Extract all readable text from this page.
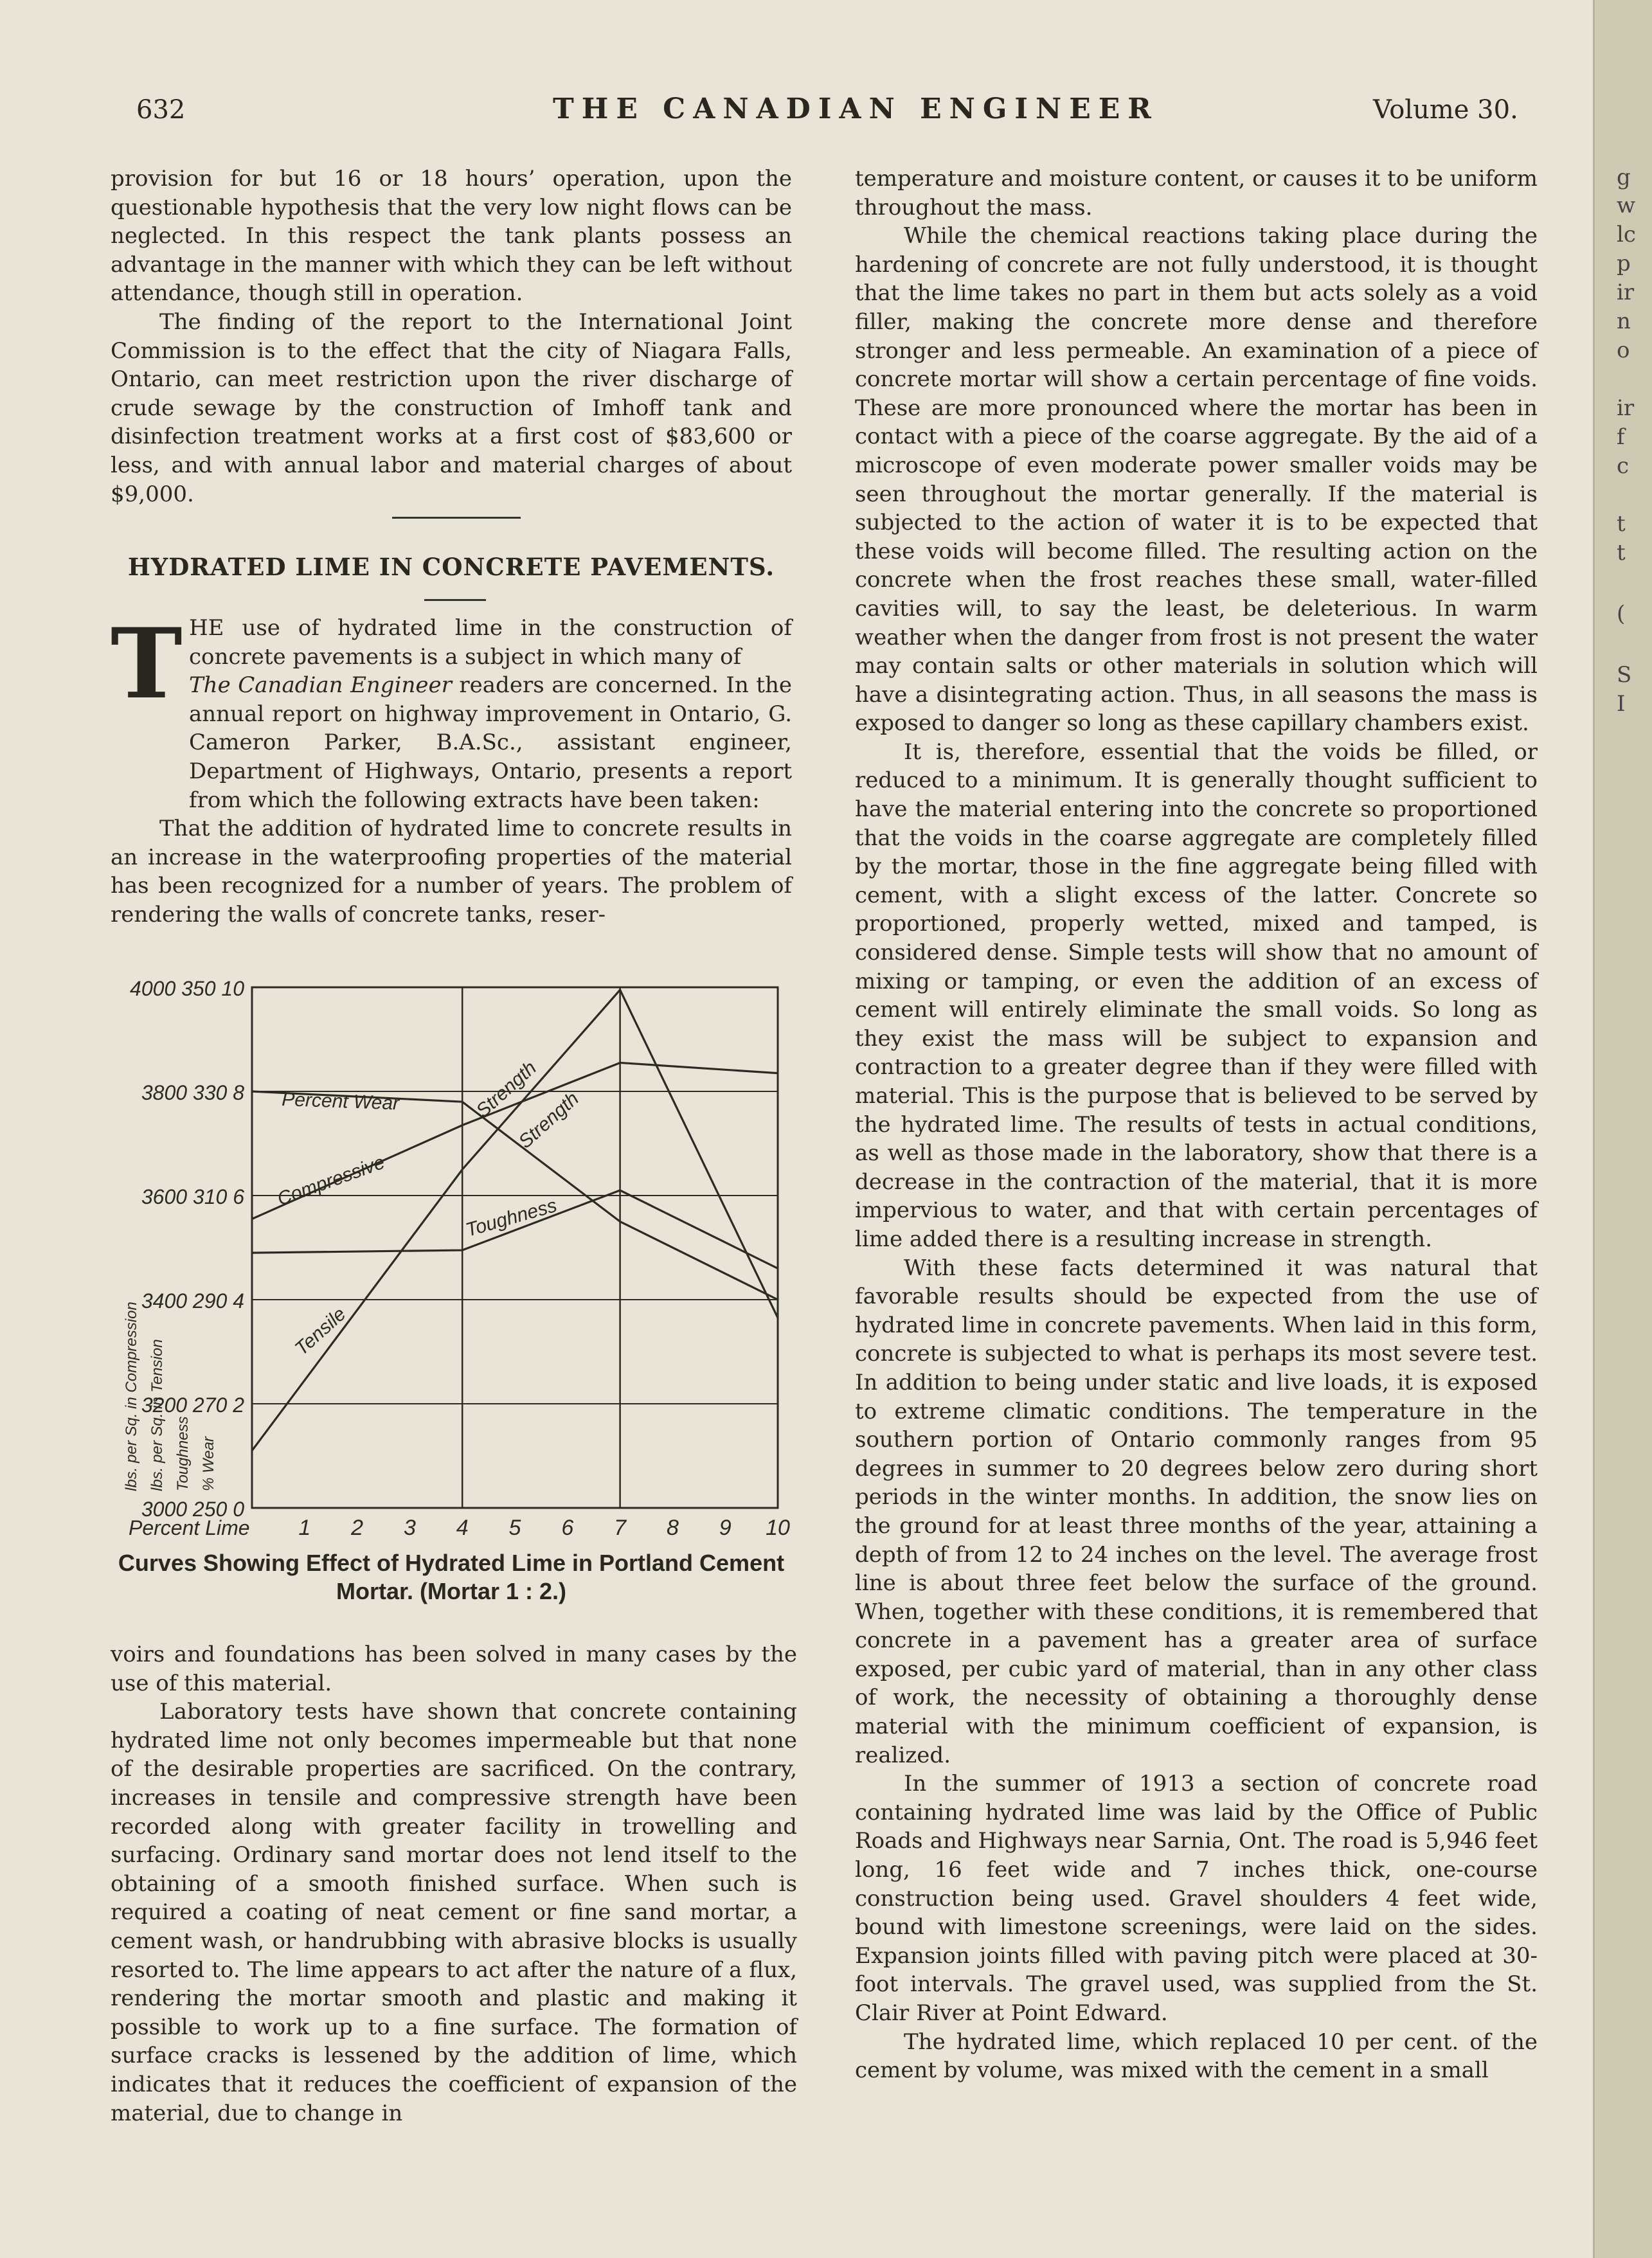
632	THE CANADIAN ENGINEER	Volume 30.

provision for but 16 or 18 hours’ operation, upon the questionable hypothesis that the very low night flows can be neglected. In this respect the tank plants possess an advantage in the manner with which they can be left without attendance, though still in operation.

The finding of the report to the International Joint Commission is to the effect that the city of Niagara Falls, Ontario, can meet restriction upon the river discharge of crude sewage by the construction of Imhoff tank and disinfection treatment works at a first cost of $83,600 or less, and with annual labor and material charges of about $9,000.

HYDRATED LIME IN CONCRETE PAVEMENTS.
T HE use of hydrated lime in the construction of concrete pavements is a subject in which many of

The Canadian Engineer readers are concerned. In the annual report on highway improvement in Ontario, G. Cameron Parker, B.A.Sc., assistant engineer, Department of Highways, Ontario, presents a report from which the following extracts have been taken:

That the addition of hydrated lime to concrete results in an increase in the waterproofing properties of the material has been recognized for a number of years. The problem of rendering the walls of concrete tanks, reser-

3000 250 0
3200 270 2
3400 290 4
3600 310 6
3800 330 8
4000 350 10
1 2 3 4 5 6 7 8 9 10
Percent Lime
lbs. per Sq. in Compression lbs. per Sq. in Tension Toughness % Wear
Percent Wear
Compressive
Strength
Toughness
Tensile
Strength
Curves Showing Effect of Hydrated Lime in Portland Cement Mortar. (Mortar 1 : 2.)

voirs and foundations has been solved in many cases by the use of this material.

Laboratory tests have shown that concrete containing hydrated lime not only becomes impermeable but that none of the desirable properties are sacrificed. On the contrary, increases in tensile and compressive strength have been recorded along with greater facility in trowelling and surfacing. Ordinary sand mortar does not lend itself to the obtaining of a smooth finished surface. When such is required a coating of neat cement or fine sand mortar, a cement wash, or handrubbing with abrasive blocks is usually resorted to. The lime appears to act after the nature of a flux, rendering the mortar smooth and plastic and making it possible to work up to a fine surface. The formation of surface cracks is lessened by the addition of lime, which indicates that it reduces the coefficient of expansion of the material, due to change in

temperature and moisture content, or causes it to be uniform throughout the mass.

While the chemical reactions taking place during the hardening of concrete are not fully understood, it is thought that the lime takes no part in them but acts solely as a void filler, making the concrete more dense and therefore stronger and less permeable. An examination of a piece of concrete mortar will show a certain percentage of fine voids. These are more pronounced where the mortar has been in contact with a piece of the coarse aggregate. By the aid of a microscope of even moderate power smaller voids may be seen throughout the mortar generally. If the material is subjected to the action of water it is to be expected that these voids will become filled. The resulting action on the concrete when the frost reaches these small, water-filled cavities will, to say the least, be deleterious. In warm weather when the danger from frost is not present the water may contain salts or other materials in solution which will have a disintegrating action. Thus, in all seasons the mass is exposed to danger so long as these capillary chambers exist.

It is, therefore, essential that the voids be filled, or reduced to a minimum. It is generally thought sufficient to have the material entering into the concrete so proportioned that the voids in the coarse aggregate are completely filled by the mortar, those in the fine aggregate being filled with cement, with a slight excess of the latter. Concrete so proportioned, properly wetted, mixed and tamped, is considered dense. Simple tests will show that no amount of mixing or tamping, or even the addition of an excess of cement will entirely eliminate the small voids. So long as they exist the mass will be subject to expansion and contraction to a greater degree than if they were filled with material. This is the purpose that is believed to be served by the hydrated lime. The results of tests in actual conditions, as well as those made in the laboratory, show that there is a decrease in the contraction of the material, that it is more impervious to water, and that with certain percentages of lime added there is a resulting increase in strength.

With these facts determined it was natural that favorable results should be expected from the use of hydrated lime in concrete pavements. When laid in this form, concrete is subjected to what is perhaps its most severe test. In addition to being under static and live loads, it is exposed to extreme climatic conditions. The temperature in the southern portion of Ontario commonly ranges from 95 degrees in summer to 20 degrees below zero during short periods in the winter months. In addition, the snow lies on the ground for at least three months of the year, attaining a depth of from 12 to 24 inches on the level. The average frost line is about three feet below the surface of the ground. When, together with these conditions, it is remembered that concrete in a pavement has a greater area of surface exposed, per cubic yard of material, than in any other class of work, the necessity of obtaining a thoroughly dense material with the minimum coefficient of expansion, is realized.

In the summer of 1913 a section of concrete road containing hydrated lime was laid by the Office of Public Roads and Highways near Sarnia, Ont. The road is 5,946 feet long, 16 feet wide and 7 inches thick, one-course construction being used. Gravel shoulders 4 feet wide, bound with limestone screenings, were laid on the sides. Expansion joints filled with paving pitch were placed at 30-foot intervals. The gravel used, was supplied from the St. Clair River at Point Edward.

The hydrated lime, which replaced 10 per cent. of the cement by volume, was mixed with the cement in a small

g
w
lc
p
ir
n
o
ir
f
c
t
t
(
S
I
